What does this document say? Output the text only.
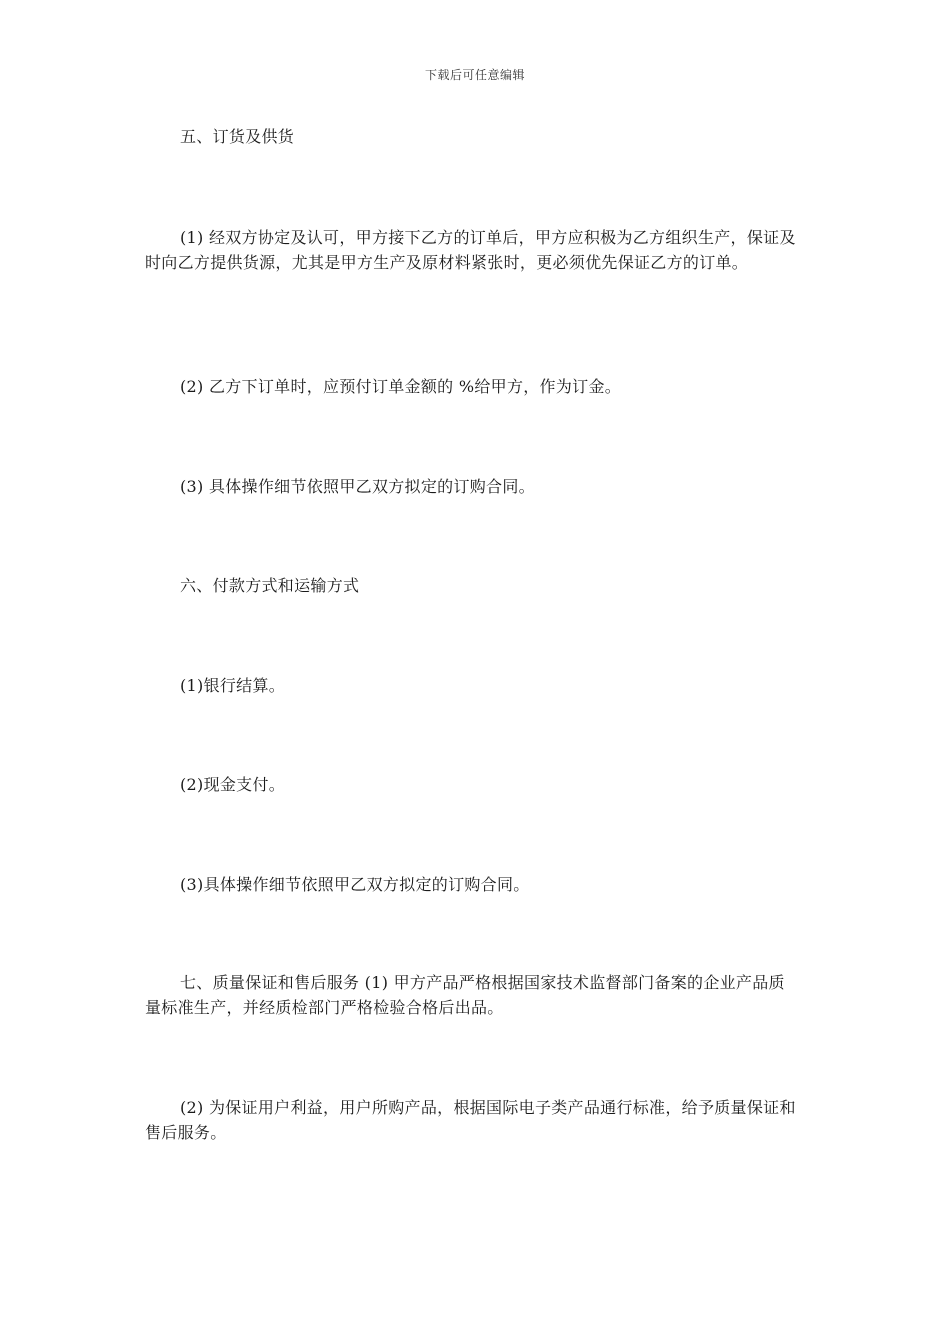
下载后可任意编辑
五、订货及供货
(1) 经双方协定及认可，甲方接下乙方的订单后，甲方应积极为乙方组织生产，保证及时向乙方提供货源，尤其是甲方生产及原材料紧张时，更必须优先保证乙方的订单。
(2) 乙方下订单时，应预付订单金额的 %给甲方，作为订金。
(3) 具体操作细节依照甲乙双方拟定的订购合同。
六、付款方式和运输方式
(1)银行结算。
(2)现金支付。
(3)具体操作细节依照甲乙双方拟定的订购合同。
七、质量保证和售后服务 (1) 甲方产品严格根据国家技术监督部门备案的企业产品质量标准生产，并经质检部门严格检验合格后出品。
(2) 为保证用户利益，用户所购产品，根据国际电子类产品通行标准，给予质量保证和售后服务。
